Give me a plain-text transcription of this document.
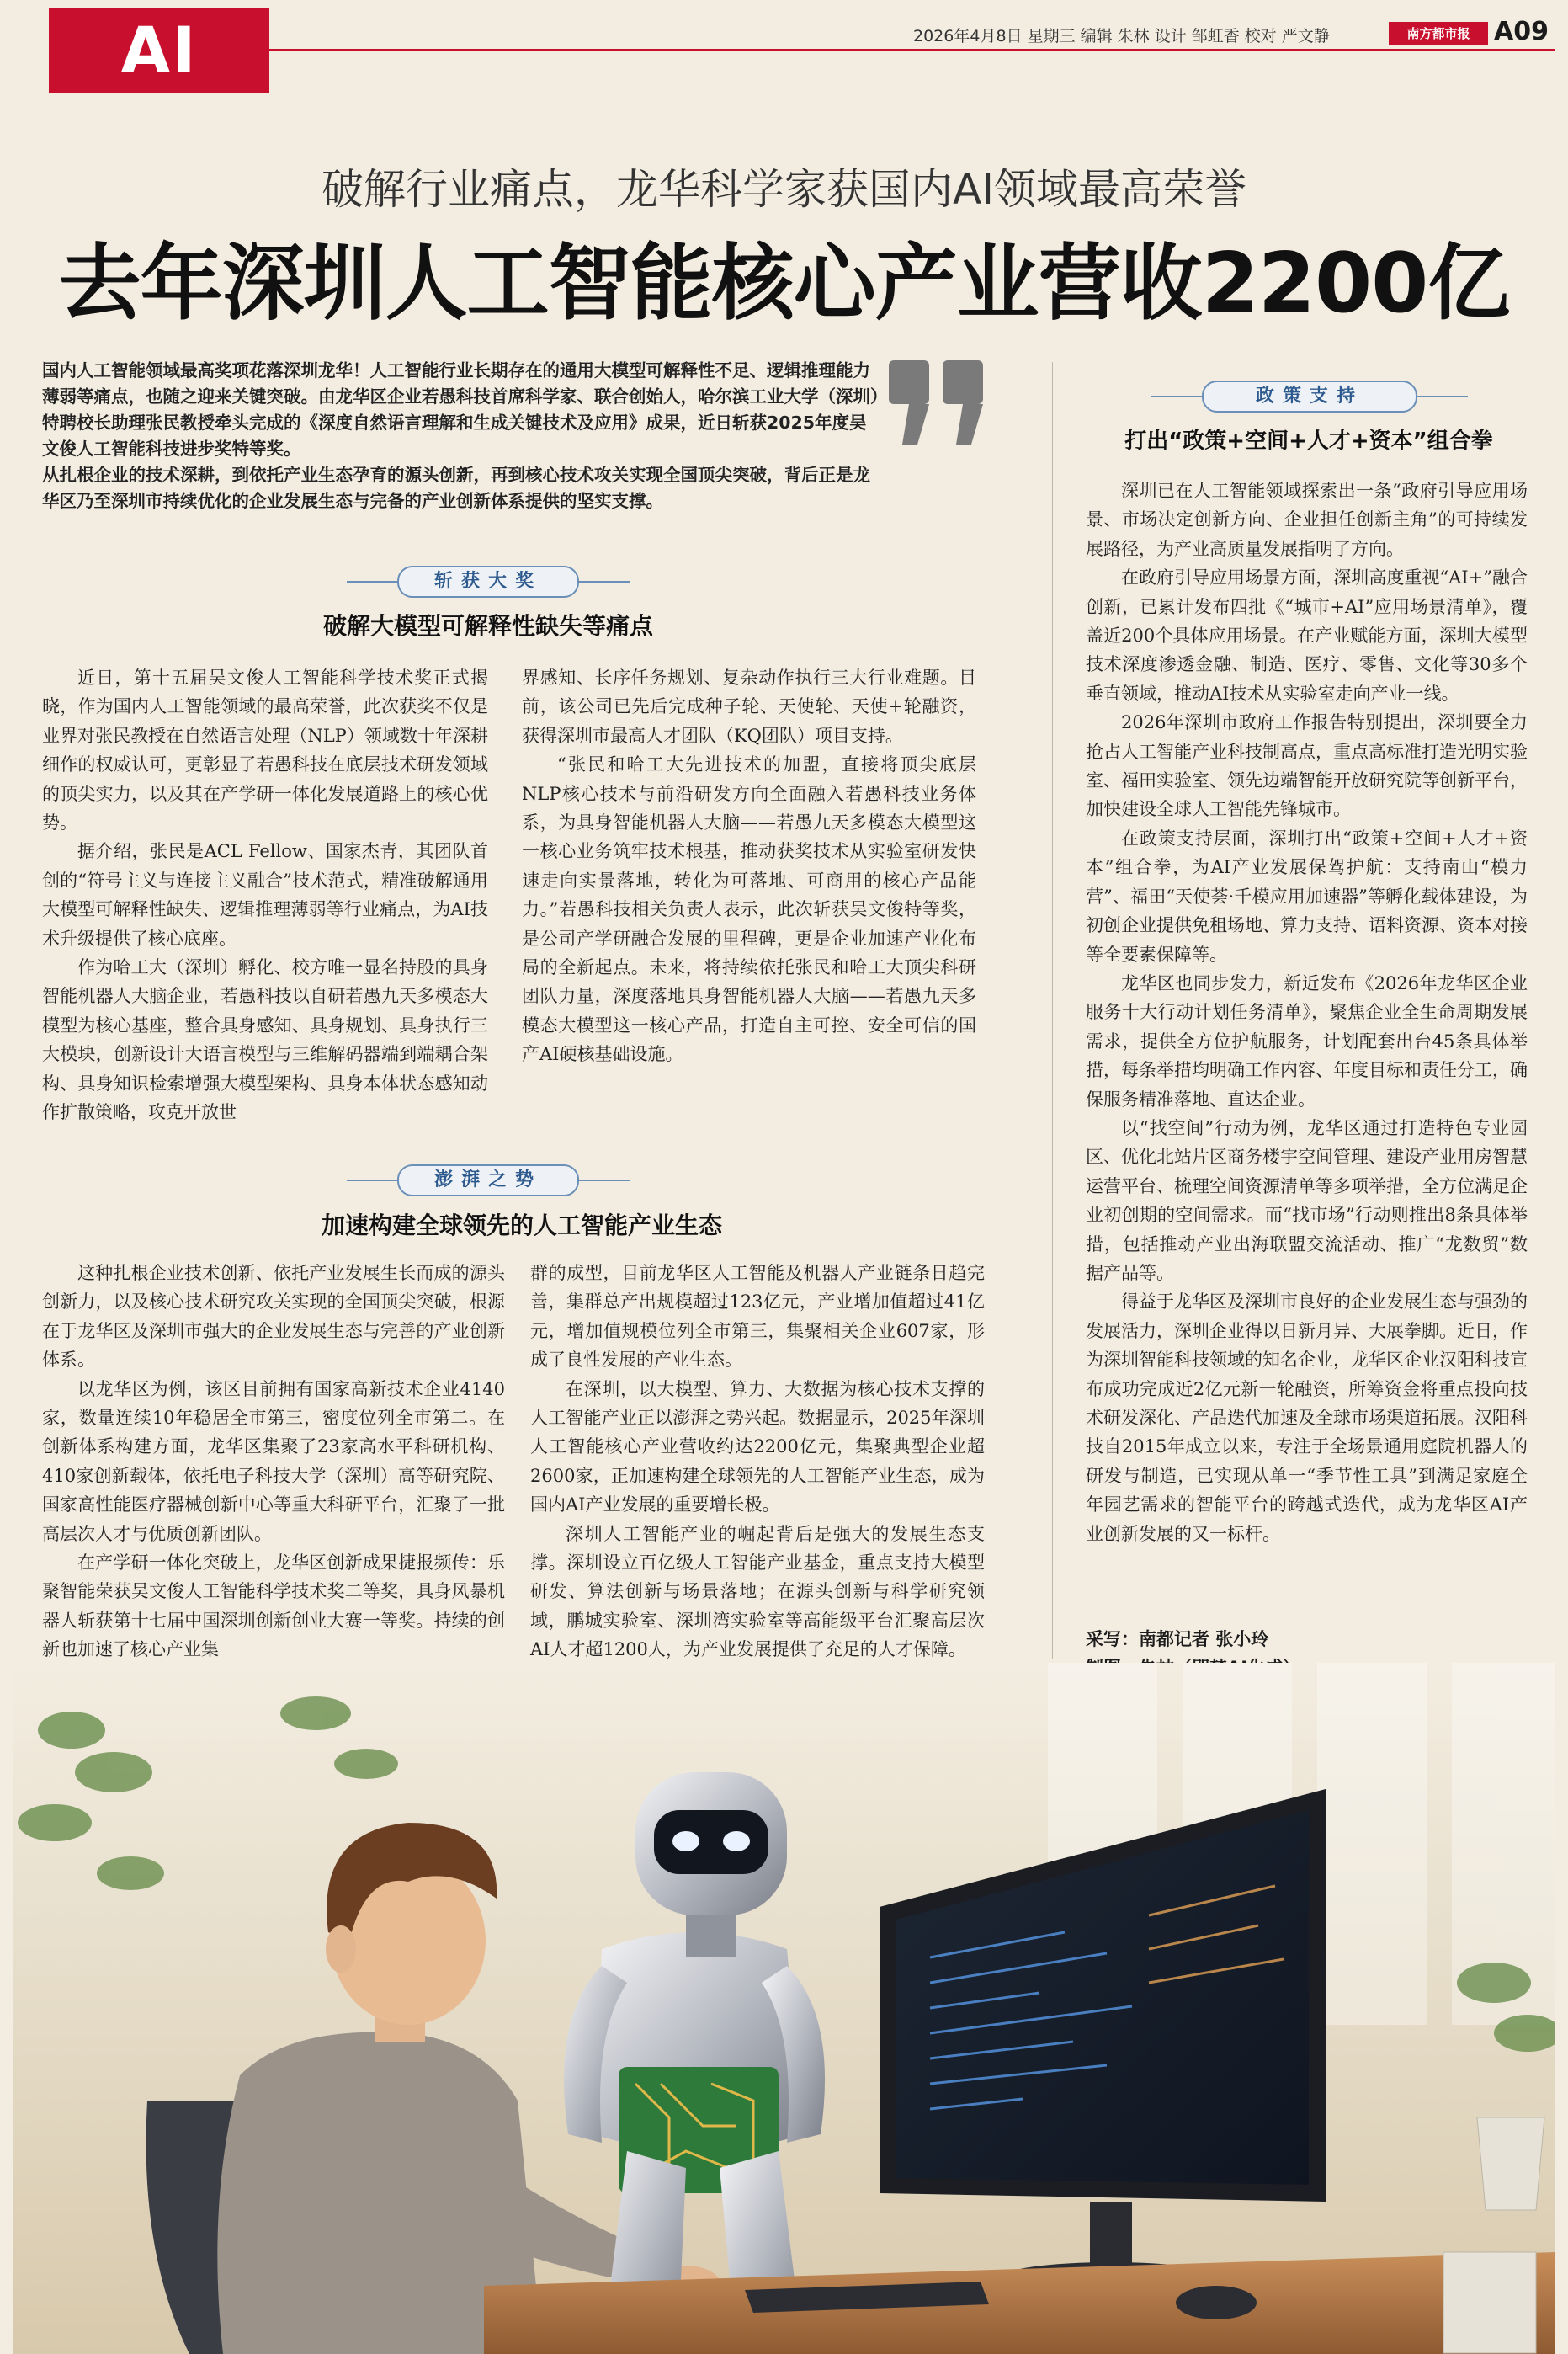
AI	2026年4月8日 星期三 编辑 朱林 设计 邹虹香 校对 严文静	南方都市报 A09
破解行业痛点，龙华科学家获国内AI领域最高荣誉
去年深圳人工智能核心产业营收2200亿

国内人工智能领域最高奖项花落深圳龙华！人工智能行业长期存在的通用大模型可解释性不足、逻辑推理能力薄弱等痛点，也随之迎来关键突破。由龙华区企业若愚科技首席科学家、联合创始人，哈尔滨工业大学（深圳）特聘校长助理张民教授牵头完成的《深度自然语言理解和生成关键技术及应用》成果，近日斩获2025年度吴文俊人工智能科技进步奖特等奖。

从扎根企业的技术深耕，到依托产业生态孕育的源头创新，再到核心技术攻关实现全国顶尖突破，背后正是龙华区乃至深圳市持续优化的企业发展生态与完备的产业创新体系提供的坚实支撑。

斩获大奖
破解大模型可解释性缺失等痛点

近日，第十五届吴文俊人工智能科学技术奖正式揭晓，作为国内人工智能领域的最高荣誉，此次获奖不仅是业界对张民教授在自然语言处理（NLP）领域数十年深耕细作的权威认可，更彰显了若愚科技在底层技术研发领域的顶尖实力，以及其在产学研一体化发展道路上的核心优势。

据介绍，张民是ACL Fellow、国家杰青，其团队首创的“符号主义与连接主义融合”技术范式，精准破解通用大模型可解释性缺失、逻辑推理薄弱等行业痛点，为AI技术升级提供了核心底座。

作为哈工大（深圳）孵化、校方唯一显名持股的具身智能机器人大脑企业，若愚科技以自研若愚九天多模态大模型为核心基座，整合具身感知、具身规划、具身执行三大模块，创新设计大语言模型与三维解码器端到端耦合架构、具身知识检索增强大模型架构、具身本体状态感知动作扩散策略，攻克开放世

界感知、长序任务规划、复杂动作执行三大行业难题。目前，该公司已先后完成种子轮、天使轮、天使+轮融资，获得深圳市最高人才团队（KQ团队）项目支持。

“张民和哈工大先进技术的加盟，直接将顶尖底层NLP核心技术与前沿研发方向全面融入若愚科技业务体系，为具身智能机器人大脑——若愚九天多模态大模型这一核心业务筑牢技术根基，推动获奖技术从实验室研发快速走向实景落地，转化为可落地、可商用的核心产品能力。”若愚科技相关负责人表示，此次斩获吴文俊特等奖，是公司产学研融合发展的里程碑，更是企业加速产业化布局的全新起点。未来，将持续依托张民和哈工大顶尖科研团队力量，深度落地具身智能机器人大脑——若愚九天多模态大模型这一核心产品，打造自主可控、安全可信的国产AI硬核基础设施。

澎湃之势
加速构建全球领先的人工智能产业生态

这种扎根企业技术创新、依托产业发展生长而成的源头创新力，以及核心技术研究攻关实现的全国顶尖突破，根源在于龙华区及深圳市强大的企业发展生态与完善的产业创新体系。

以龙华区为例，该区目前拥有国家高新技术企业4140家，数量连续10年稳居全市第三，密度位列全市第二。在创新体系构建方面，龙华区集聚了23家高水平科研机构、410家创新载体，依托电子科技大学（深圳）高等研究院、国家高性能医疗器械创新中心等重大科研平台，汇聚了一批高层次人才与优质创新团队。

在产学研一体化突破上，龙华区创新成果捷报频传：乐聚智能荣获吴文俊人工智能科学技术奖二等奖，具身风暴机器人斩获第十七届中国深圳创新创业大赛一等奖。持续的创新也加速了核心产业集

群的成型，目前龙华区人工智能及机器人产业链条日趋完善，集群总产出规模超过123亿元，产业增加值超过41亿元，增加值规模位列全市第三，集聚相关企业607家，形成了良性发展的产业生态。

在深圳，以大模型、算力、大数据为核心技术支撑的人工智能产业正以澎湃之势兴起。数据显示，2025年深圳人工智能核心产业营收约达2200亿元，集聚典型企业超2600家，正加速构建全球领先的人工智能产业生态，成为国内AI产业发展的重要增长极。

深圳人工智能产业的崛起背后是强大的发展生态支撑。深圳设立百亿级人工智能产业基金，重点支持大模型研发、算法创新与场景落地；在源头创新与科学研究领域，鹏城实验室、深圳湾实验室等高能级平台汇聚高层次AI人才超1200人，为产业发展提供了充足的人才保障。

政策支持
打出“政策+空间+人才+资本”组合拳

深圳已在人工智能领域探索出一条“政府引导应用场景、市场决定创新方向、企业担任创新主角”的可持续发展路径，为产业高质量发展指明了方向。

在政府引导应用场景方面，深圳高度重视“AI+”融合创新，已累计发布四批《“城市+AI”应用场景清单》，覆盖近200个具体应用场景。在产业赋能方面，深圳大模型技术深度渗透金融、制造、医疗、零售、文化等30多个垂直领域，推动AI技术从实验室走向产业一线。

2026年深圳市政府工作报告特别提出，深圳要全力抢占人工智能产业科技制高点，重点高标准打造光明实验室、福田实验室、领先边端智能开放研究院等创新平台，加快建设全球人工智能先锋城市。

在政策支持层面，深圳打出“政策+空间+人才+资本”组合拳，为AI产业发展保驾护航：支持南山“模力营”、福田“天使荟·千模应用加速器”等孵化载体建设，为初创企业提供免租场地、算力支持、语料资源、资本对接等全要素保障等。

龙华区也同步发力，新近发布《2026年龙华区企业服务十大行动计划任务清单》，聚焦企业全生命周期发展需求，提供全方位护航服务，计划配套出台45条具体举措，每条举措均明确工作内容、年度目标和责任分工，确保服务精准落地、直达企业。

以“找空间”行动为例，龙华区通过打造特色专业园区、优化北站片区商务楼宇空间管理、建设产业用房智慧运营平台、梳理空间资源清单等多项举措，全方位满足企业初创期的空间需求。而“找市场”行动则推出8条具体举措，包括推动产业出海联盟交流活动、推广“龙数贸”数据产品等。

得益于龙华区及深圳市良好的企业发展生态与强劲的发展活力，深圳企业得以日新月异、大展拳脚。近日，作为深圳智能科技领域的知名企业，龙华区企业汉阳科技宣布成功完成近2亿元新一轮融资，所筹资金将重点投向技术研发深化、产品迭代加速及全球市场渠道拓展。汉阳科技自2015年成立以来，专注于全场景通用庭院机器人的研发与制造，已实现从单一“季节性工具”到满足家庭全年园艺需求的智能平台的跨越式迭代，成为龙华区AI产业创新发展的又一标杆。

采写：南都记者 张小玲
